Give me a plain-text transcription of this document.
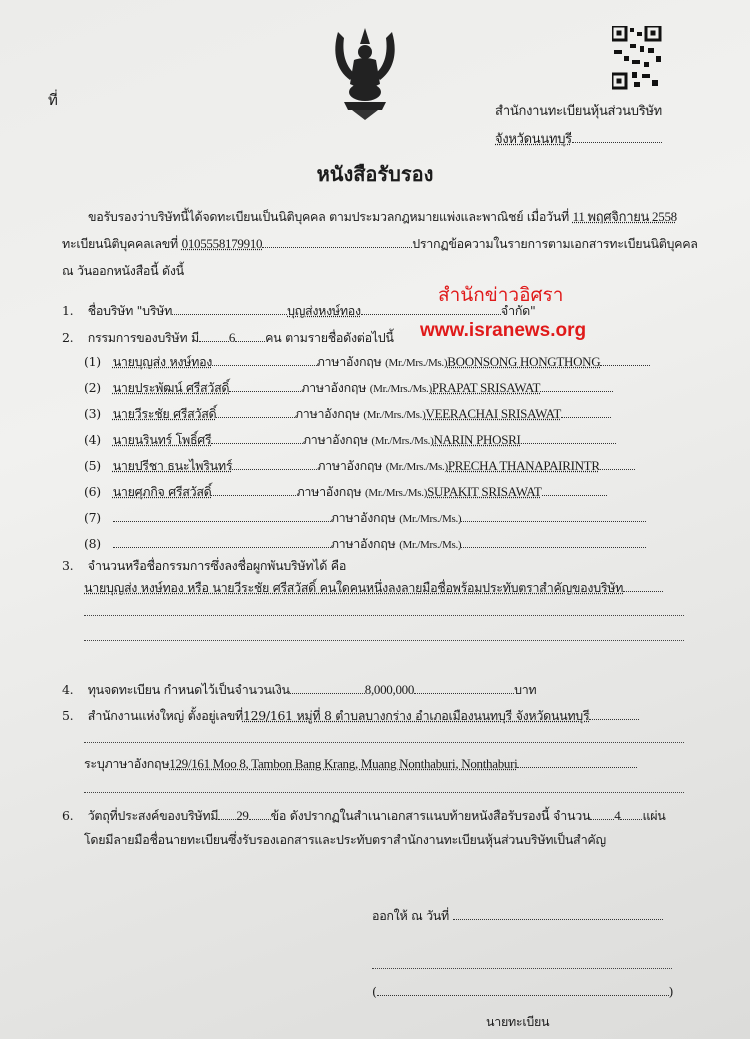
ที่
สำนักงานทะเบียนหุ้นส่วนบริษัท
จังหวัดนนทบุรี
หนังสือรับรอง
ขอรับรองว่าบริษัทนี้ได้จดทะเบียนเป็นนิติบุคคล ตามประมวลกฎหมายแพ่งและพาณิชย์ เมื่อวันที่ 11 พฤศจิกายน 2558
ทะเบียนนิติบุคคลเลขที่ 0105558179910	ปรากฏข้อความในรายการตามเอกสารทะเบียนนิติบุคคล
ณ วันออกหนังสือนี้ ดังนี้
สำนักข่าวอิศรา
www.isranews.org
1. ชื่อบริษัท "บริษัท	บุญส่งหงษ์ทอง	จำกัด"
2. กรรมการของบริษัท มี 6 คน ตามรายชื่อดังต่อไปนี้
(1) นายบุญส่ง หงษ์ทอง	ภาษาอังกฤษ (Mr./Mrs./Ms.)BOONSONG HONGTHONG
(2) นายประพัฒน์ ศรีสวัสดิ์	ภาษาอังกฤษ (Mr./Mrs./Ms.)PRAPAT SRISAWAT
(3) นายวีระชัย ศรีสวัสดิ์	ภาษาอังกฤษ (Mr./Mrs./Ms.)VEERACHAI SRISAWAT
(4) นายนรินทร์ โพธิ์ศรี	ภาษาอังกฤษ (Mr./Mrs./Ms.)NARIN PHOSRI
(5) นายปรีชา ธนะไพรินทร์	ภาษาอังกฤษ (Mr./Mrs./Ms.)PRECHA THANAPAIRINTR
(6) นายศุภกิจ ศรีสวัสดิ์	ภาษาอังกฤษ (Mr./Mrs./Ms.)SUPAKIT SRISAWAT
(7)	ภาษาอังกฤษ (Mr./Mrs./Ms.)
(8)	ภาษาอังกฤษ (Mr./Mrs./Ms.)
3. จำนวนหรือชื่อกรรมการซึ่งลงชื่อผูกพันบริษัทได้ คือ
นายบุญส่ง หงษ์ทอง หรือ นายวีระชัย ศรีสวัสดิ์ คนใดคนหนึ่งลงลายมือชื่อพร้อมประทับตราสำคัญของบริษัท
4. ทุนจดทะเบียน กำหนดไว้เป็นจำนวนเงิน	8,000,000	บาท
5. สำนักงานแห่งใหญ่ ตั้งอยู่เลขที่129/161 หมู่ที่ 8 ตำบลบางกร่าง อำเภอเมืองนนทบุรี จังหวัดนนทบุรี
ระบุภาษาอังกฤษ129/161 Moo 8, Tambon Bang Krang, Muang Nonthaburi, Nonthaburi
6. วัตถุที่ประสงค์ของบริษัทมี 29 ข้อ ดังปรากฏในสำเนาเอกสารแนบท้ายหนังสือรับรองนี้ จำนวน 4 แผ่น
โดยมีลายมือชื่อนายทะเบียนซึ่งรับรองเอกสารและประทับตราสำนักงานทะเบียนหุ้นส่วนบริษัทเป็นสำคัญ
ออกให้ ณ วันที่
(	)
นายทะเบียน
